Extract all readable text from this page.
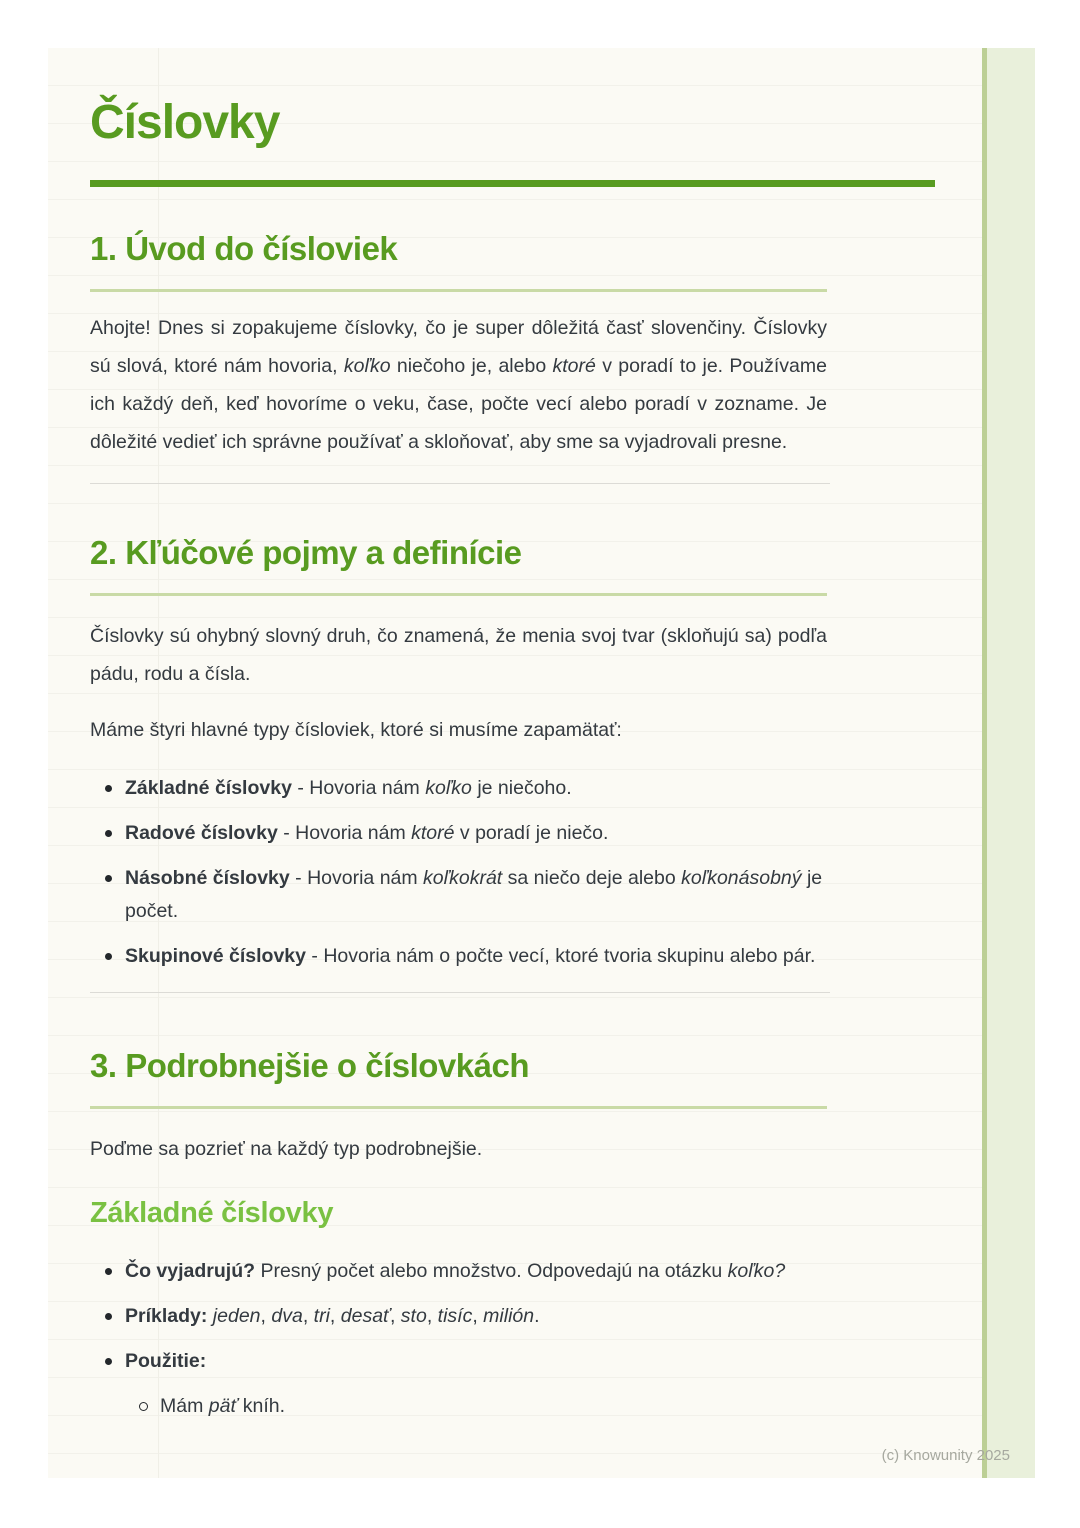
Číslovky
1. Úvod do čísloviek

Ahojte! Dnes si zopakujeme číslovky, čo je super dôležitá časť slovenčiny. Číslovky sú slová, ktoré nám hovoria, koľko niečoho je, alebo ktoré v poradí to je. Používame ich každý deň, keď hovoríme o veku, čase, počte vecí alebo poradí v zozname. Je dôležité vedieť ich správne používať a skloňovať, aby sme sa vyjadrovali presne.

2. Kľúčové pojmy a definície

Číslovky sú ohybný slovný druh, čo znamená, že menia svoj tvar (skloňujú sa) podľa pádu, rodu a čísla.

Máme štyri hlavné typy čísloviek, ktoré si musíme zapamätať:

Základné číslovky - Hovoria nám koľko je niečoho.
Radové číslovky - Hovoria nám ktoré v poradí je niečo.
Násobné číslovky - Hovoria nám koľkokrát sa niečo deje alebo koľkonásobný je počet.
Skupinové číslovky - Hovoria nám o počte vecí, ktoré tvoria skupinu alebo pár.
3. Podrobnejšie o číslovkách

Poďme sa pozrieť na každý typ podrobnejšie.

Základné číslovky
Čo vyjadrujú? Presný počet alebo množstvo. Odpovedajú na otázku koľko?
Príklady: jeden, dva, tri, desať, sto, tisíc, milión.
Použitie:
Mám päť kníh.
(c) Knowunity 2025
